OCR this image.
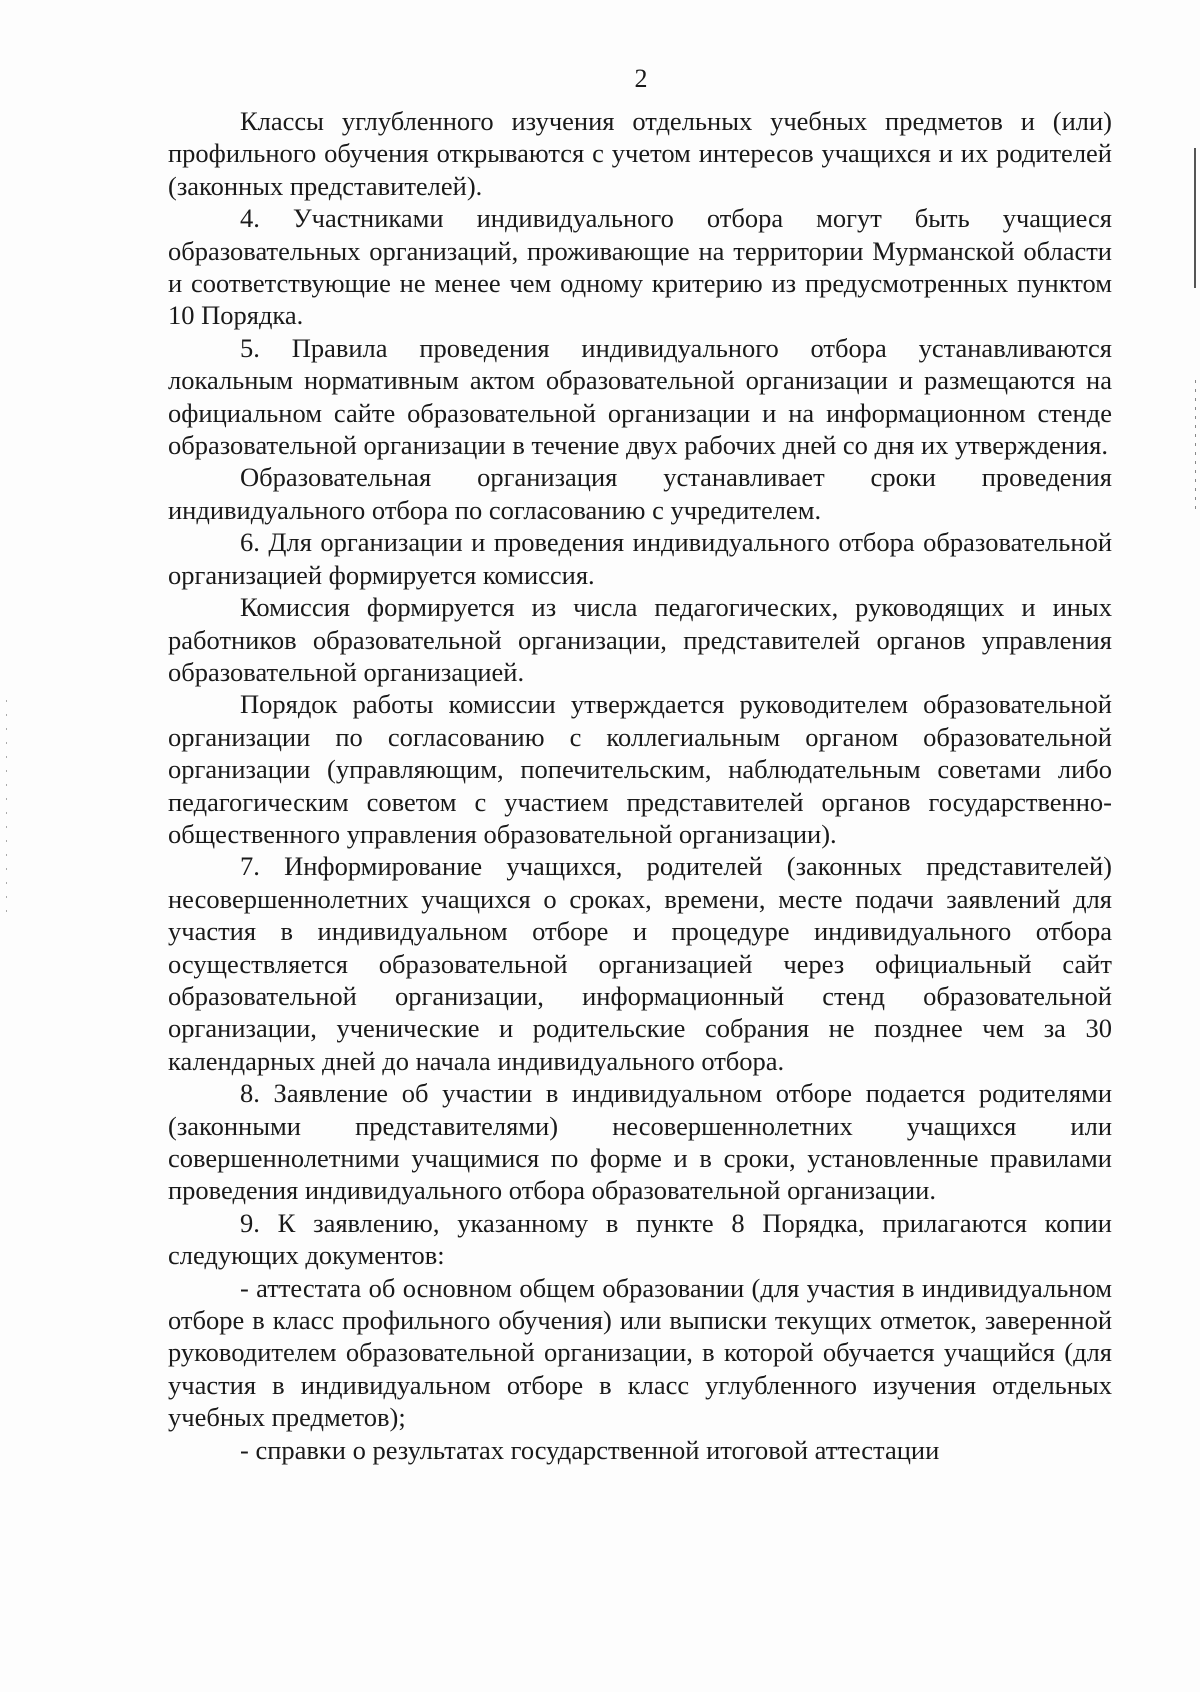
2

Классы углубленного изучения отдельных учебных предметов и (или) профильного обучения открываются с учетом интересов учащихся и их родителей (законных представителей).

4. Участниками индивидуального отбора могут быть учащиеся образовательных организаций, проживающие на территории Мурманской области и соответствующие не менее чем одному критерию из предусмотренных пунктом 10 Порядка.

5. Правила проведения индивидуального отбора устанавливаются локальным нормативным актом образовательной организации и размещаются на официальном сайте образовательной организации и на информационном стенде образовательной организации в течение двух рабочих дней со дня их утверждения.

Образовательная организация устанавливает сроки проведения индивидуального отбора по согласованию с учредителем.

6. Для организации и проведения индивидуального отбора образовательной организацией формируется комиссия.

Комиссия формируется из числа педагогических, руководящих и иных работников образовательной организации, представителей органов управления образовательной организацией.

Порядок работы комиссии утверждается руководителем образовательной организации по согласованию с коллегиальным органом образовательной организации (управляющим, попечительским, наблюдательным советами либо педагогическим советом с участием представителей органов государственно-общественного управления образовательной организации).

7. Информирование учащихся, родителей (законных представителей) несовершеннолетних учащихся о сроках, времени, месте подачи заявлений для участия в индивидуальном отборе и процедуре индивидуального отбора осуществляется образовательной организацией через официальный сайт образовательной организации, информационный стенд образовательной организации, ученические и родительские собрания не позднее чем за 30 календарных дней до начала индивидуального отбора.

8. Заявление об участии в индивидуальном отборе подается родителями (законными представителями) несовершеннолетних учащихся или совершеннолетними учащимися по форме и в сроки, установленные правилами проведения индивидуального отбора образовательной организации.

9. К заявлению, указанному в пункте 8 Порядка, прилагаются копии следующих документов:

- аттестата об основном общем образовании (для участия в индивидуальном отборе в класс профильного обучения) или выписки текущих отметок, заверенной руководителем образовательной организации, в которой обучается учащийся (для участия в индивидуальном отборе в класс углубленного изучения отдельных учебных предметов);

- справки о результатах государственной итоговой аттестации
